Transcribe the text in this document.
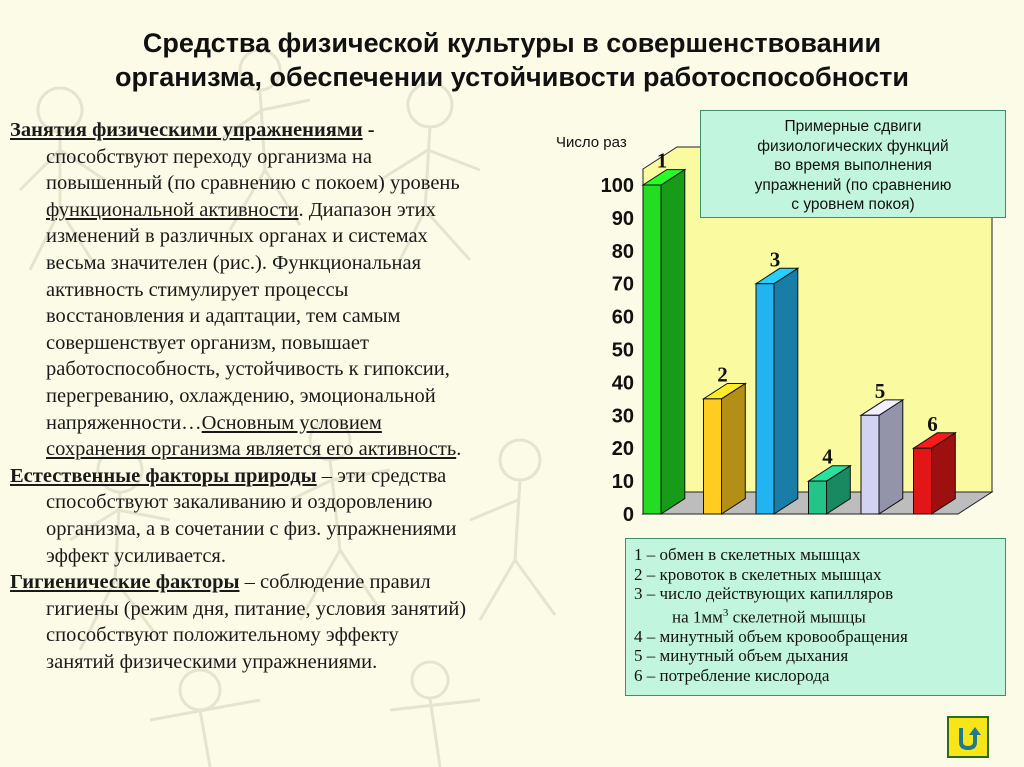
Средства физической культуры в совершенствовании
организма, обеспечении устойчивости работоспособности

Занятия физическими упражнениями -

способствуют переходу организма на

повышенный (по сравнению с покоем) уровень

функциональной активности. Диапазон этих

изменений в различных органах и системах

весьма значителен (рис.). Функциональная

активность стимулирует процессы

восстановления и адаптации, тем самым

совершенствует организм, повышает

работоспособность, устойчивость к гипоксии,

перегреванию, охлаждению, эмоциональной

напряженности…Основным условием

сохранения организма является его активность.

Естественные факторы природы – эти средства

способствуют закаливанию и оздоровлению

организма, а в сочетании с физ. упражнениями

эффект усиливается.

Гигиенические факторы – соблюдение правил

гигиены (режим дня, питание, условия занятий)

способствуют положительному эффекту

занятий физическими упражнениями.

Число раз
0
10
20
30
40
50
60
70
80
90
100
1
2
3
4
5
6
Примерные сдвиги
физиологических функций
во время выполнения
упражнений (по сравнению
с уровнем покоя)
1 – обмен в скелетных мышцах
2 – кровоток в скелетных мышцах
3 – число действующих капилляров
на $1мм^3$ скелетной мышцы
4 – минутный объем кровообращения
5 – минутный объем дыхания
6 – потребление кислорода
